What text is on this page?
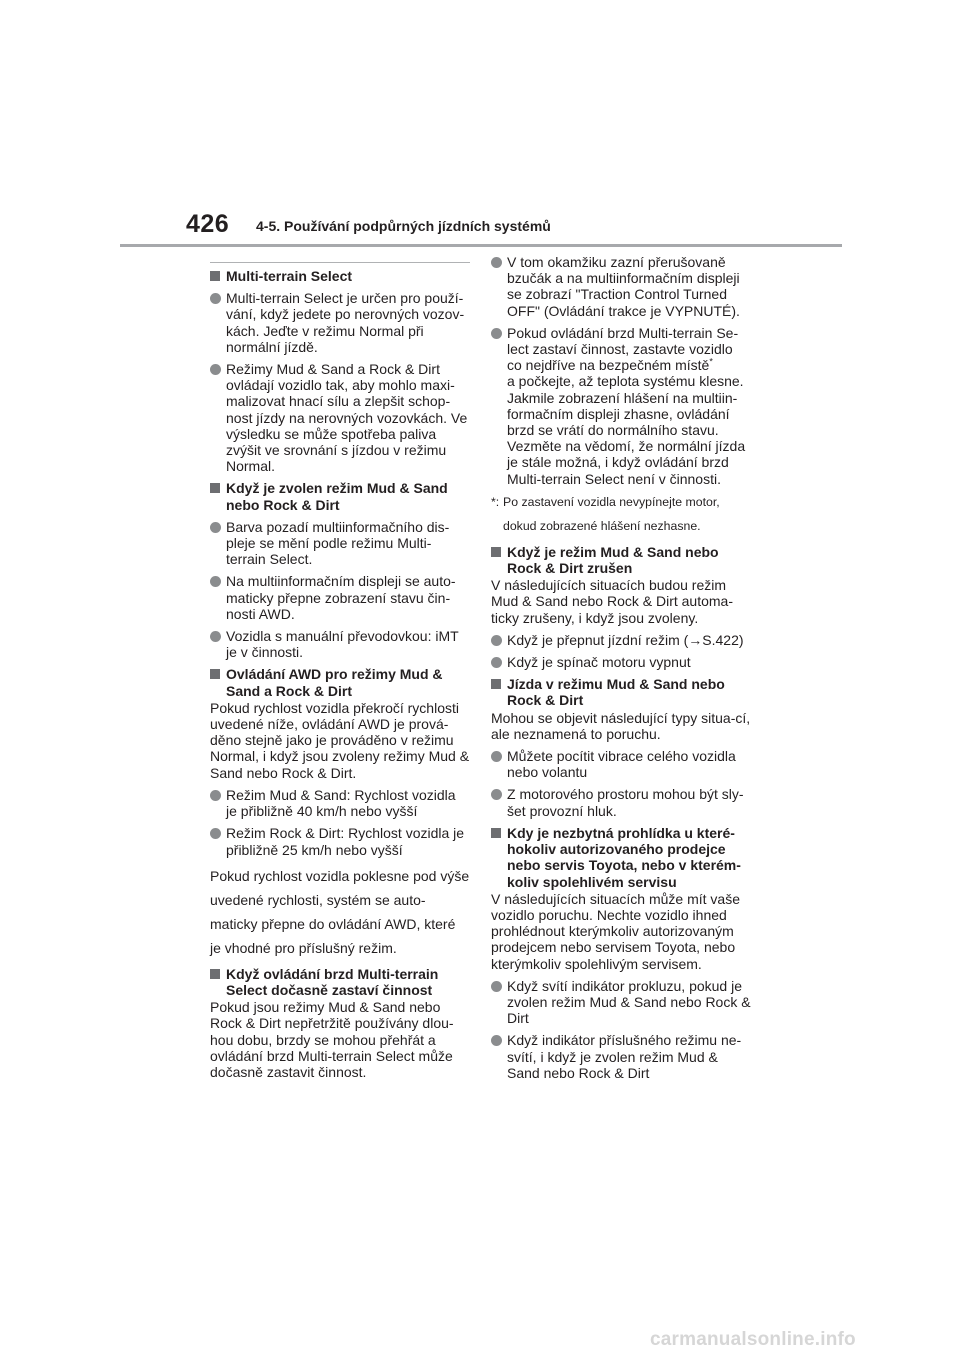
426 4-5. Používání podpůrných jízdních systémů
Multi-terrain Select
Multi-terrain Select je určen pro použí-vání, když jedete po nerovných vozov-kách. Jeďte v režimu Normal při normální jízdě.
Režimy Mud & Sand a Rock & Dirt ovládají vozidlo tak, aby mohlo maxi-malizovat hnací sílu a zlepšit schop-nost jízdy na nerovných vozovkách. Ve výsledku se může spotřeba paliva zvýšit ve srovnání s jízdou v režimu Normal.
Když je zvolen režim Mud & Sand nebo Rock & Dirt
Barva pozadí multiinformačního dis-pleje se mění podle režimu Multi-terrain Select.
Na multiinformačním displeji se auto-maticky přepne zobrazení stavu čin-nosti AWD.
Vozidla s manuální převodovkou: iMT je v činnosti.
Ovládání AWD pro režimy Mud & Sand a Rock & Dirt
Pokud rychlost vozidla překročí rychlosti uvedené níže, ovládání AWD je prová-děno stejně jako je prováděno v režimu Normal, i když jsou zvoleny režimy Mud & Sand nebo Rock & Dirt.
Režim Mud & Sand: Rychlost vozidla je přibližně 40 km/h nebo vyšší
Režim Rock & Dirt: Rychlost vozidla je přibližně 25 km/h nebo vyšší
Pokud rychlost vozidla poklesne pod výše uvedené rychlosti, systém se auto-maticky přepne do ovládání AWD, které je vhodné pro příslušný režim.
Když ovládání brzd Multi-terrain Select dočasně zastaví činnost
Pokud jsou režimy Mud & Sand nebo Rock & Dirt nepřetržitě používány dlou-hou dobu, brzdy se mohou přehřát a ovládání brzd Multi-terrain Select může dočasně zastavit činnost.
V tom okamžiku zazní přerušovaně bzučák a na multiinformačním displeji se zobrazí "Traction Control Turned OFF" (Ovládání trakce je VYPNUTÉ).
Pokud ovládání brzd Multi-terrain Se-lect zastaví činnost, zastavte vozidlo co nejdříve na bezpečném místě*
a počkejte, až teplota systému klesne. Jakmile zobrazení hlášení na multiin-formačním displeji zhasne, ovládání brzd se vrátí do normálního stavu. Vezměte na vědomí, že normální jízda je stále možná, i když ovládání brzd Multi-terrain Select není v činnosti.
*: Po zastavení vozidla nevypínejte motor, dokud zobrazené hlášení nezhasne.
Když je režim Mud & Sand nebo Rock & Dirt zrušen
V následujících situacích budou režim Mud & Sand nebo Rock & Dirt automa-ticky zrušeny, i když jsou zvoleny.
Když je přepnut jízdní režim (→S.422)
Když je spínač motoru vypnut
Jízda v režimu Mud & Sand nebo Rock & Dirt
Mohou se objevit následující typy situa-cí, ale neznamená to poruchu.
Můžete pocítit vibrace celého vozidla nebo volantu
Z motorového prostoru mohou být sly-šet provozní hluk.
Kdy je nezbytná prohlídka u které-hokoliv autorizovaného prodejce nebo servis Toyota, nebo v kterém-koliv spolehlivém servisu
V následujících situacích může mít vaše vozidlo poruchu. Nechte vozidlo ihned prohlédnout kterýmkoliv autorizovaným prodejcem nebo servisem Toyota, nebo kterýmkoliv spolehlivým servisem.
Když svítí indikátor prokluzu, pokud je zvolen režim Mud & Sand nebo Rock & Dirt
Když indikátor příslušného režimu ne-svítí, i když je zvolen režim Mud & Sand nebo Rock & Dirt
carmanualsonline.info
